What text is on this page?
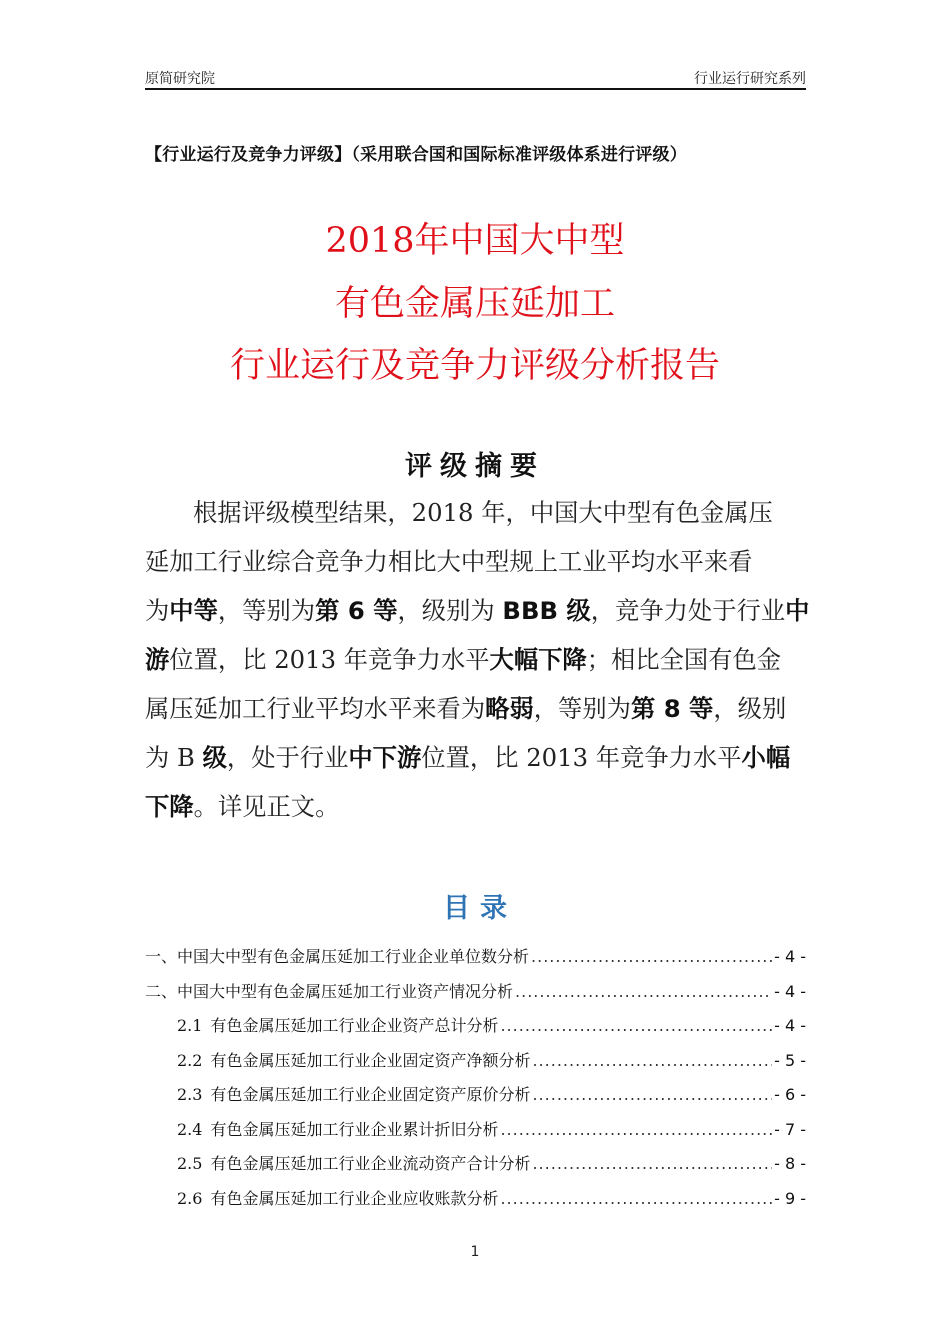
原简研究院	行业运行研究系列
【行业运行及竞争力评级】（采用联合国和国际标准评级体系进行评级）
2018年中国大中型
有色金属压延加工
行业运行及竞争力评级分析报告
评级摘要
根据评级模型结果，2018 年，中国大中型有色金属压
延加工行业综合竞争力相比大中型规上工业平均水平来看
为中等，等别为第 6 等，级别为 BBB 级，竞争力处于行业中
游位置，比 2013 年竞争力水平大幅下降；相比全国有色金
属压延加工行业平均水平来看为略弱，等别为第 8 等，级别
为 B 级，处于行业中下游位置，比 2013 年竞争力水平小幅
下降。详见正文。
目录
一、中国大中型有色金属压延加工行业企业单位数分析 .....	- 4 -
二、中国大中型有色金属压延加工行业资产情况分析 .....	- 4 -
2.1 有色金属压延加工行业企业资产总计分析 .....	- 4 -
2.2 有色金属压延加工行业企业固定资产净额分析 .....	- 5 -
2.3 有色金属压延加工行业企业固定资产原价分析 .....	- 6 -
2.4 有色金属压延加工行业企业累计折旧分析 .....	- 7 -
2.5 有色金属压延加工行业企业流动资产合计分析 .....	- 8 -
2.6 有色金属压延加工行业企业应收账款分析 .....	- 9 -
1
